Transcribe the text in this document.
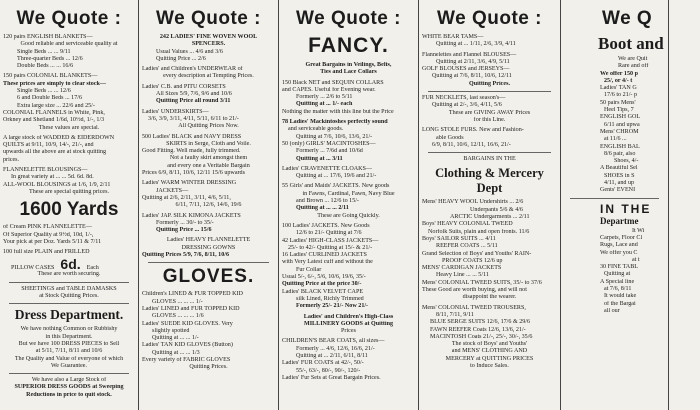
We Quote :
120 pairs ENGLISH BLANKETS—
Good reliable and serviceable quality at
Single Beds ... ... 9/11
Three-quarter Beds ... 12/6
Double Beds ... ... 16/6
150 pairs COLONIAL BLANKETS—
These prices are simply to clear stock—
Single Beds ... ... 12/6
6 and Double Beds ... 17/6
Extra large size ... 22/6 and 25/-
COLONIAL FLANNELS in White, Pink,
Orkney and Shetland 1/6d, 10½d, 1/-, 1/3
These values are special.
A large stock of WADDED & EIDERDOWN
QUILTS at 9/11, 10/9, 14/-, 21/-, and
upwards all the above are at stock quitting
prices.
FLANNELETTE BLOUSINGS—
In great variety at ... ... 5d. 6d. 8d.
ALL-WOOL BLOUSINGS at 1/6, 1/9, 2/11
These are special quitting prices.
1600 Yards
of Cream PINK FLANNELETTE—
Of Superior Quality at 9½d, 10d, 1/-,
Your pick at per Doz. Yards 5/11 & 7/11
100 full size PLAIN and FRILLED
PILLOW CASES 6d. Each
These are worth securing.
SHEETINGS and TABLE DAMASKS
at Stock Quitting Prices.
Dress Department.
We have nothing Common or Rubbishy
in this Department.
But we have 100 DRESS PIECES to Sell
at 5/11, 7/11, 8/11 and 10/6
The Quality and Value of everyone of which
We Guarantee.
We have also a Large Stock of
SUPERIOR DRESS GOODS at Sweeping
Reductions in price to quit stock.
We Quote :
242 LADIES' FINE WOVEN WOOL
SPENCERS.
Usual Values ... 4/6 and 3/6
Quitting Price ... 2/6
Ladies' and Children's UNDERWEAR of
every description at Tempting Prices.
Ladies' C.B. and PITU CORSETS
All Sizes 5/9, 7/6, 9/6 and 10/6
Quitting Price all round 3/11
Ladies' UNDERSKIRTS—
3/6, 3/9, 3/11, 4/11, 5/11, 6/11 to 21/-
All Quitting Prices Now.
500 Ladies' BLACK and NAVY DRESS
SKIRTS in Serge, Cloth and Voile.
Good Fitting. Well made, fully trimmed.
Not a faulty skirt amongst them
and every one a Veritable Bargain
Prices 6/9, 8/11, 10/6, 12/11 15/6 upwards
Ladies' WARM WINTER DRESSING
JACKETS—
Quitting at 2/6, 2/11, 3/11, 4/6, 5/11,
6/11, 7/11, 12/6, 14/6, 19/6
Ladies' JAP. SILK KIMONA JACKETS
Formerly ... 30/- to 35/-
Quitting Price ... 15/6
Ladies' HEAVY FLANNELETTE
DRESSING GOWNS
Quitting Prices 5/9, 7/6, 8/11, 10/6
GLOVES.
Children's LINED & FUR TOPPED KID
GLOVES ... ... ... 1/-
Ladies' LINED and FUR TOPPED KID
GLOVES ... ... ... 1/6
Ladies' SUEDE KID GLOVES. Very
slightly spotted
Quitting at ... ... 1/-
Ladies' TAN KID GLOVES (Button)
Quitting at ... ... 1/3
Every variety of FABRIC GLOVES
Quitting Prices.
We Quote :
FANCY.
Great Bargains in Veilings, Belts,
Ties and Lace Collars
150 Black NET and SEQUIN COLLARS
and CAPES. Useful for Evening wear.
Formerly ... 2/6 to 5/11
Quitting at ... 1/- each
Nothing the matter with this line but the Price
78 Ladies' Mackintoshes perfectly sound
and serviceable goods.
Quitting at 7/6, 10/6, 13/6, 21/-
50 (only) GIRLS' MACINTOSHES—
Formerly ... 7/6d and 10/6d
Quitting at ... 3/11
Ladies' CRAVENETTE CLOAKS—
Quitting at ... 17/6, 19/6 and 21/-
55 Girls' and Maids' JACKETS. New goods
in Fawns, Cardinal, Fawn, Navy Blue
and Brown ... 12/6 to 15/-
Quitting at ... ... 2/11
These are Going Quickly.
100 Ladies' JACKETS. New Goods
12/6 to 21/- Quitting at 7/6
42 Ladies' HIGH-CLASS JACKETS—
25/- to 42/- Quitting at 15/- & 21/-
16 Ladies' CURLINED JACKETS
with Very Latest cuff and without the
Fur Collar
Usual 5/-, 6/-, 5/6, 10/6, 19/6, 35/-
Quitting Price at the price 30/-
Ladies' BLACK VELVET CAPE
silk Lined, Richly Trimmed
Formerly 25/- 21/- Now 21/-
Ladies' and Children's High-Class
MILLINERY GOODS at Quitting
Prices
CHILDREN'S BEAR COATS, all sizes—
Formerly ... 4/6, 12/6, 16/6, 21/-
Quitting at ... 2/11, 6/11, 8/11
Ladies' FUR COATS at 42/-, 50/-
55/-, 63/-, 80/-, 90/-, 120/-
Ladies' Fur Sets at Great Bargain Prices.
We Quote :
WHITE BEAR TAMS—
Quitting at ... 1/11, 2/6, 3/9, 4/11
Flannelettes and Flannel BLOUSES—
Quitting at 2/11, 3/6, 4/9, 5/11
GOLF BLOUSES and JERSEYS—
Quitting at 7/6, 8/11, 10/6, 12/11
Quitting Prices.
FUR NECKLETS, last season's—
Quitting at 2/-, 3/6, 4/11, 5/6
These are GIVING AWAY Prices
for this Line.
LONG STOLE FURS. New and Fashion-
able Goods
6/9, 8/11, 10/6, 12/11, 16/6, 21/-
BARGAINS IN THE
Clothing & Mercery Dept
Mens' HEAVY WOOL Undershirts ... 2/6
Underpants 5/6 & 4/6
ARCTIC Undergarments ... 2/11
Boys' HEAVY COLONIAL TWEED
Norfolk Suits, plain and open fronts. 11/6
Boys' SAILOR SUITS ... 4/11
REEFER COATS ... 5/11
Grand Selection of Boys' and Youths' RAIN-
PROOF COATS 12/6 up
MENS' CARDIGAN JACKETS
Heavy Line ... ... 5/11
Mens' COLONIAL TWEED SUITS, 35/- to 37/6
These Good are worth buying, and will not
disappoint the wearer.
Mens' COLONIAL TWEED TROUSERS,
8/11, 7/11, 9/11
BLUE SERGE SUITS 12/6, 17/6 & 29/6
FAWN REEFER Coats 12/6, 13/6, 21/-
MACINTOSH Coats 21/-, 25/-, 30/-, 35/6
The stock of Boys' and Youths'
and MENS' CLOTHING AND
MERCERY at QUITTING PRICES
to Induce Sales.
We Q
Boot and
We are Quit
Rare and off
We offer 150 p
25/, or 4/- t
Ladies' TAN G
17/6 to 21/- p
50 pairs Mens'
Heel Tips, 7
ENGLISH GOL
6/11 and upwa
Mens' CHROM
at 11/6 ...
ENGLISH BAL
8/6 pair, also
Shoes, 4/-
A Beautiful Sel
SHOES in S
4/11, and up
Gents' EVENI
IN THE
Departme
It Wi
Carpets, Floor Cl
Rugs, Lace and
We offer you C
at t
30 FINE TABL
Quitting at
A Special line
at 7/6, 8/11
It would take
of the Bargai
all our
